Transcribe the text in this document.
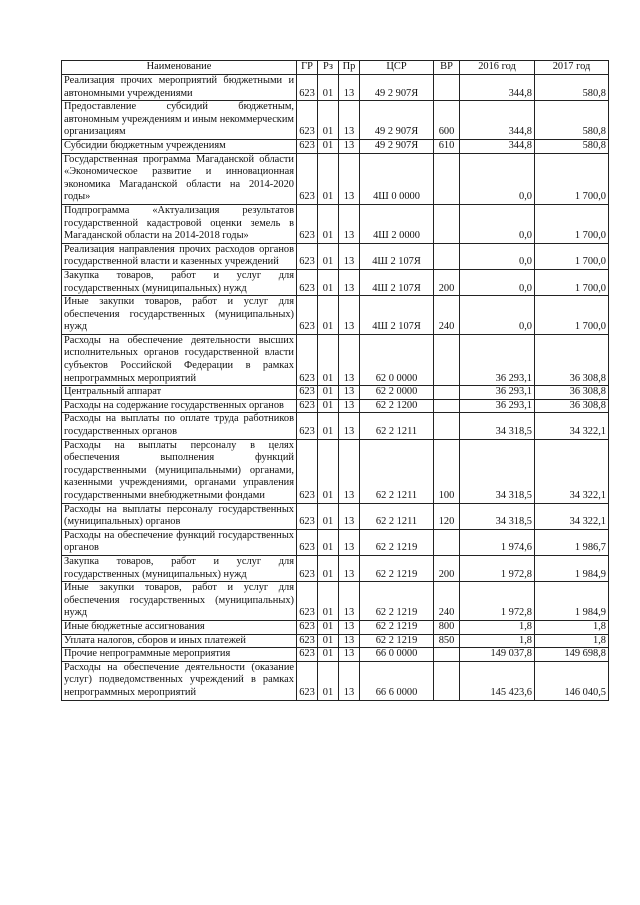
Наименование	ГР	Рз	Пр	ЦСР	ВР	2016 год	2017 год
Реализация прочих мероприятий бюджетными и автономными учреждениями	623	01	13	49 2 907Я		344,8	580,8
Предоставление субсидий бюджетным, автономным учреждениям и иным некоммерческим организациям	623	01	13	49 2 907Я	600	344,8	580,8
Субсидии бюджетным учреждениям	623	01	13	49 2 907Я	610	344,8	580,8
Государственная программа Магаданской области «Экономическое развитие и инновационная экономика Магаданской области на 2014-2020 годы»	623	01	13	4Ш 0 0000		0,0	1 700,0
Подпрограмма «Актуализация результатов государственной кадастровой оценки земель в Магаданской области на 2014-2018 годы»	623	01	13	4Ш 2 0000		0,0	1 700,0
Реализация направления прочих расходов органов государственной власти и казенных учреждений	623	01	13	4Ш 2 107Я		0,0	1 700,0
Закупка товаров, работ и услуг для государственных (муниципальных) нужд	623	01	13	4Ш 2 107Я	200	0,0	1 700,0
Иные закупки товаров, работ и услуг для обеспечения государственных (муниципальных) нужд	623	01	13	4Ш 2 107Я	240	0,0	1 700,0
Расходы на обеспечение деятельности высших исполнительных органов государственной власти субъектов Российской Федерации в рамках непрограммных мероприятий	623	01	13	62 0 0000		36 293,1	36 308,8
Центральный аппарат	623	01	13	62 2 0000		36 293,1	36 308,8
Расходы на содержание государственных органов	623	01	13	62 2 1200		36 293,1	36 308,8
Расходы на выплаты по оплате труда работников государственных органов	623	01	13	62 2 1211		34 318,5	34 322,1
Расходы на выплаты персоналу в целях обеспечения выполнения функций государственными (муниципальными) органами, казенными учреждениями, органами управления государственными внебюджетными фондами	623	01	13	62 2 1211	100	34 318,5	34 322,1
Расходы на выплаты персоналу государственных (муниципальных) органов	623	01	13	62 2 1211	120	34 318,5	34 322,1
Расходы на обеспечение функций государственных органов	623	01	13	62 2 1219		1 974,6	1 986,7
Закупка товаров, работ и услуг для государственных (муниципальных) нужд	623	01	13	62 2 1219	200	1 972,8	1 984,9
Иные закупки товаров, работ и услуг для обеспечения государственных (муниципальных) нужд	623	01	13	62 2 1219	240	1 972,8	1 984,9
Иные бюджетные ассигнования	623	01	13	62 2 1219	800	1,8	1,8
Уплата налогов, сборов и иных платежей	623	01	13	62 2 1219	850	1,8	1,8
Прочие непрограммные мероприятия	623	01	13	66 0 0000		149 037,8	149 698,8
Расходы на обеспечение деятельности (оказание услуг) подведомственных учреждений в рамках непрограммных мероприятий	623	01	13	66 6 0000		145 423,6	146 040,5
